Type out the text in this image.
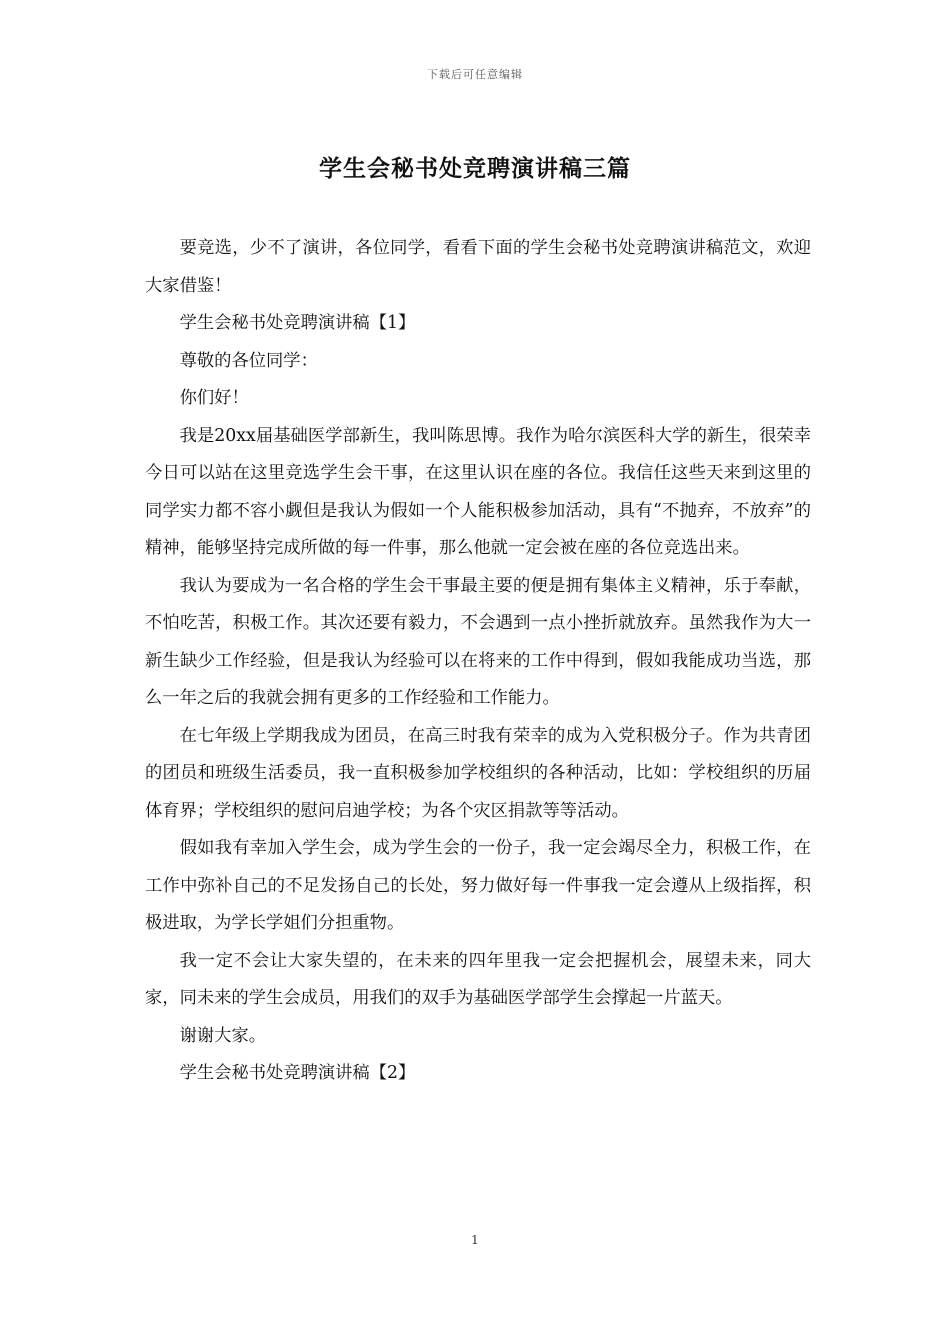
下载后可任意编辑
学生会秘书处竞聘演讲稿三篇

要竞选，少不了演讲，各位同学，看看下面的学生会秘书处竞聘演讲稿范文，欢迎大家借鉴！

学生会秘书处竞聘演讲稿【1】

尊敬的各位同学：

你们好！

我是20xx届基础医学部新生，我叫陈思博。我作为哈尔滨医科大学的新生，很荣幸今日可以站在这里竞选学生会干事，在这里认识在座的各位。我信任这些天来到这里的同学实力都不容小觑但是我认为假如一个人能积极参加活动，具有“不抛弃，不放弃”的精神，能够坚持完成所做的每一件事，那么他就一定会被在座的各位竞选出来。

我认为要成为一名合格的学生会干事最主要的便是拥有集体主义精神，乐于奉献，不怕吃苦，积极工作。其次还要有毅力，不会遇到一点小挫折就放弃。虽然我作为大一新生缺少工作经验，但是我认为经验可以在将来的工作中得到，假如我能成功当选，那么一年之后的我就会拥有更多的工作经验和工作能力。

在七年级上学期我成为团员，在高三时我有荣幸的成为入党积极分子。作为共青团的团员和班级生活委员，我一直积极参加学校组织的各种活动，比如：学校组织的历届体育界；学校组织的慰问启迪学校；为各个灾区捐款等等活动。

假如我有幸加入学生会，成为学生会的一份子，我一定会竭尽全力，积极工作，在工作中弥补自己的不足发扬自己的长处，努力做好每一件事我一定会遵从上级指挥，积极进取，为学长学姐们分担重物。

我一定不会让大家失望的，在未来的四年里我一定会把握机会，展望未来，同大家，同未来的学生会成员，用我们的双手为基础医学部学生会撑起一片蓝天。

谢谢大家。

学生会秘书处竞聘演讲稿【2】

1
